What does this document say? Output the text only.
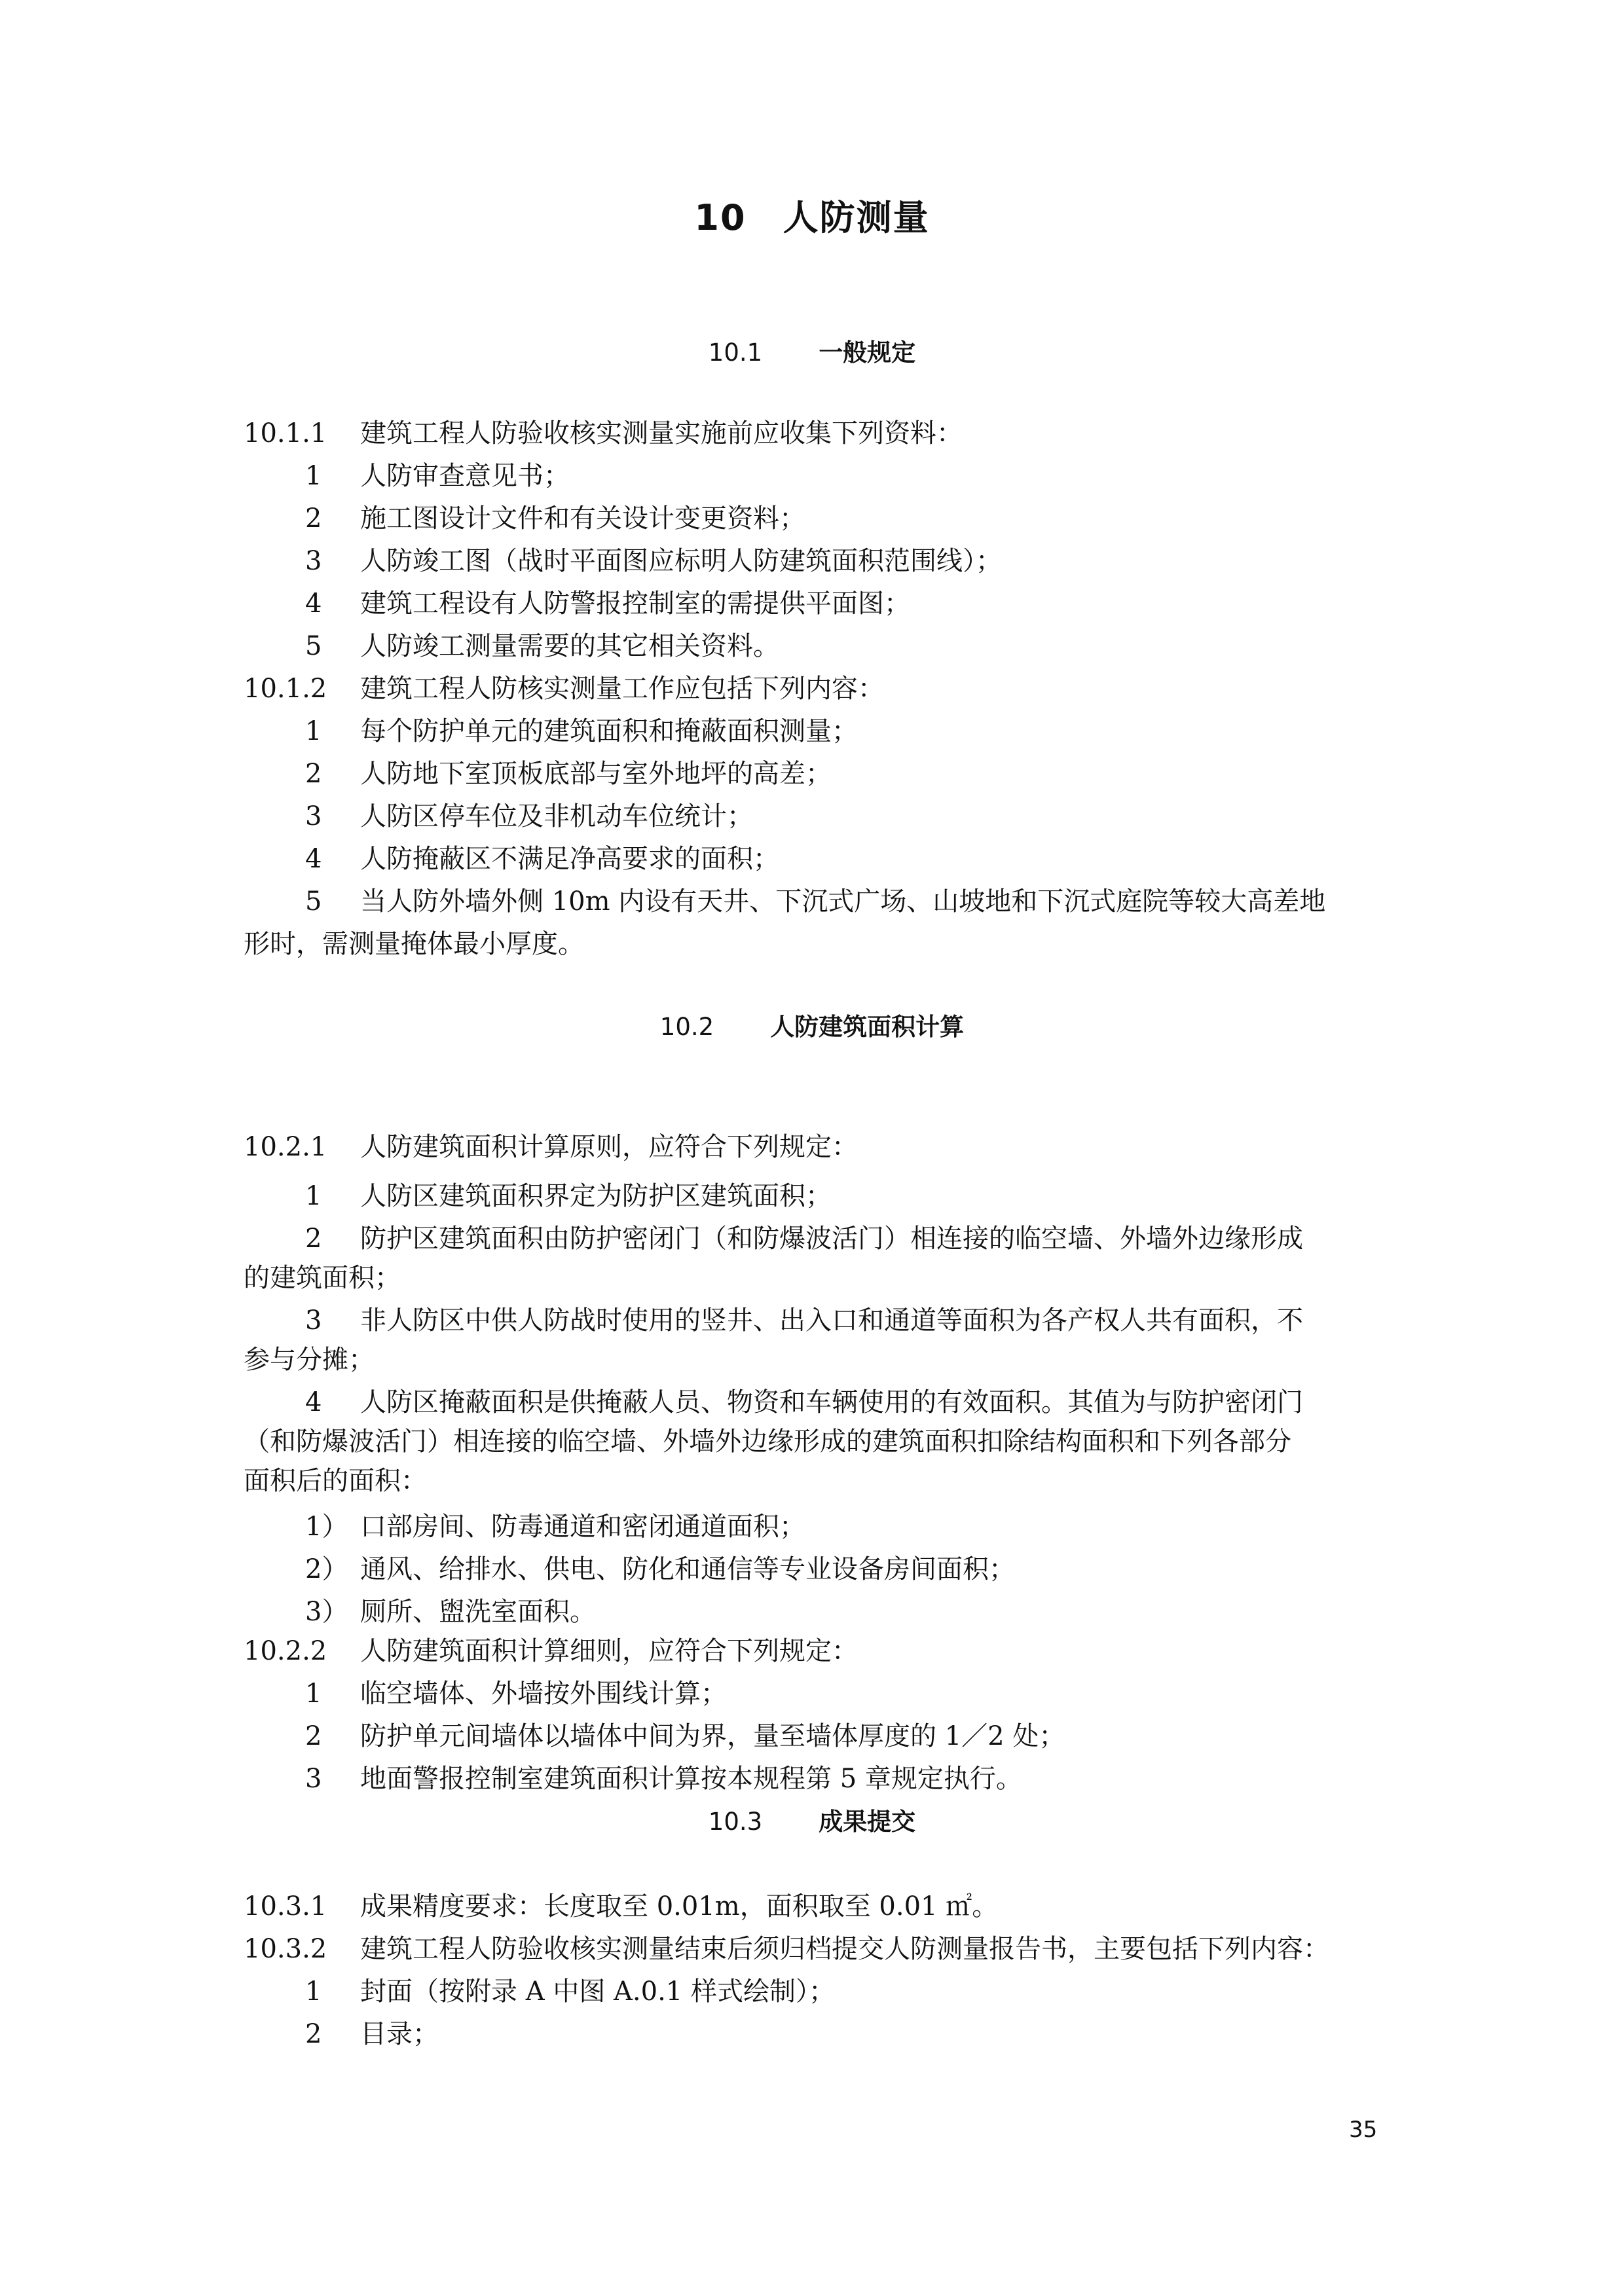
10  人防测量
10.1 一般规定
10.1.1 建筑工程人防验收核实测量实施前应收集下列资料：
1 人防审查意见书；
2 施工图设计文件和有关设计变更资料；
3 人防竣工图（战时平面图应标明人防建筑面积范围线）；
4 建筑工程设有人防警报控制室的需提供平面图；
5 人防竣工测量需要的其它相关资料。
10.1.2 建筑工程人防核实测量工作应包括下列内容：
1 每个防护单元的建筑面积和掩蔽面积测量；
2 人防地下室顶板底部与室外地坪的高差；
3 人防区停车位及非机动车位统计；
4 人防掩蔽区不满足净高要求的面积；
5 当人防外墙外侧 10m 内设有天井、下沉式广场、山坡地和下沉式庭院等较大高差地
形时，需测量掩体最小厚度。
10.2 人防建筑面积计算
10.2.1 人防建筑面积计算原则，应符合下列规定：
1 人防区建筑面积界定为防护区建筑面积；
2 防护区建筑面积由防护密闭门（和防爆波活门）相连接的临空墙、外墙外边缘形成
的建筑面积；
3 非人防区中供人防战时使用的竖井、出入口和通道等面积为各产权人共有面积，不
参与分摊；
4 人防区掩蔽面积是供掩蔽人员、物资和车辆使用的有效面积。其值为与防护密闭门
（和防爆波活门）相连接的临空墙、外墙外边缘形成的建筑面积扣除结构面积和下列各部分
面积后的面积：
1） 口部房间、防毒通道和密闭通道面积；
2） 通风、给排水、供电、防化和通信等专业设备房间面积；
3） 厕所、盥洗室面积。
10.2.2 人防建筑面积计算细则，应符合下列规定：
1 临空墙体、外墙按外围线计算；
2 防护单元间墙体以墙体中间为界，量至墙体厚度的 1／2 处；
3 地面警报控制室建筑面积计算按本规程第 5 章规定执行。
10.3 成果提交
10.3.1 成果精度要求：长度取至 0.01m，面积取至 0.01 ㎡。
10.3.2 建筑工程人防验收核实测量结束后须归档提交人防测量报告书，主要包括下列内容：
1 封面（按附录 A 中图 A.0.1 样式绘制）；
2 目录；
35
